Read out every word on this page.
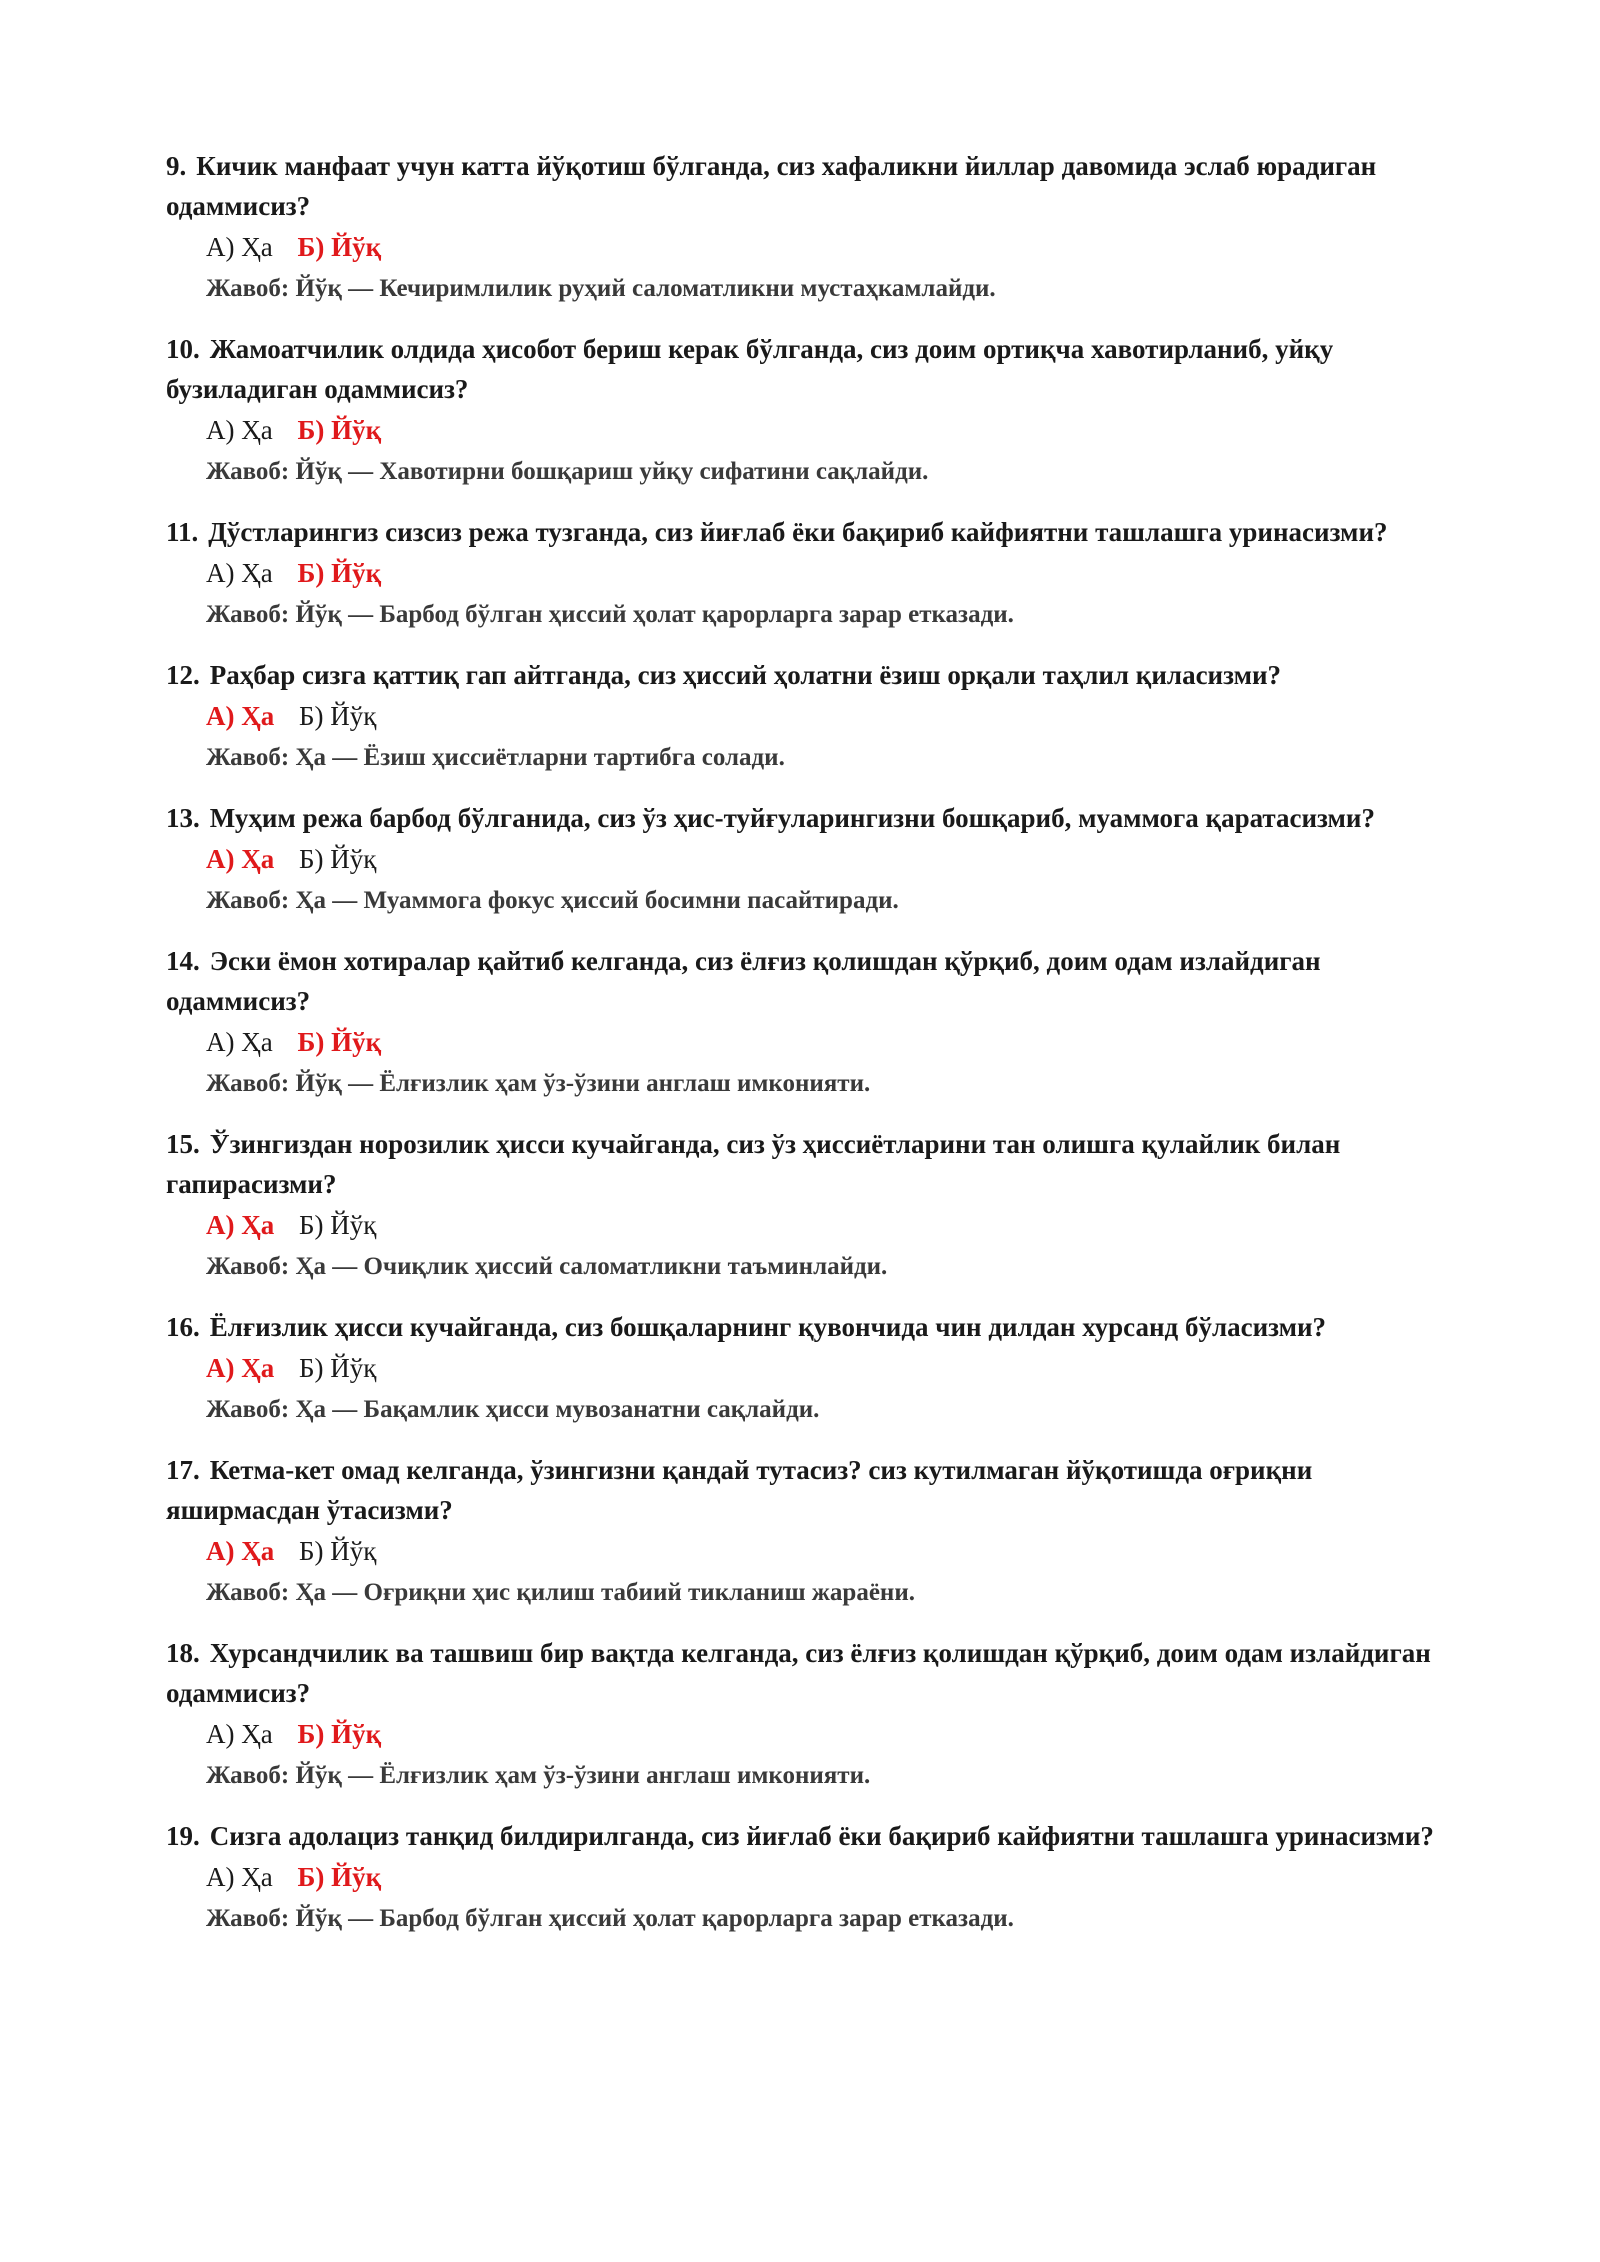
9. Кичик манфаат учун катта йўқотиш бўлганда, сиз хафаликни йиллар давомида эслаб юрадиган одаммисиз?

А) Ҳа Б) Йўқ

Жавоб: Йўқ — Кечиримлилик руҳий саломатликни мустаҳкамлайди.

10. Жамоатчилик олдида ҳисобот бериш керак бўлганда, сиз доим ортиқча хавотирланиб, уйқу бузиладиган одаммисиз?

А) Ҳа Б) Йўқ

Жавоб: Йўқ — Хавотирни бошқариш уйқу сифатини сақлайди.

11. Дўстларингиз сизсиз режа тузганда, сиз йиғлаб ёки бақириб кайфиятни ташлашга уринасизми?

А) Ҳа Б) Йўқ

Жавоб: Йўқ — Барбод бўлган ҳиссий ҳолат қарорларга зарар етказади.

12. Раҳбар сизга қаттиқ гап айтганда, сиз ҳиссий ҳолатни ёзиш орқали таҳлил қиласизми?

А) Ҳа Б) Йўқ

Жавоб: Ҳа — Ёзиш ҳиссиётларни тартибга солади.

13. Муҳим режа барбод бўлганида, сиз ўз ҳис-туйғуларингизни бошқариб, муаммога қаратасизми?

А) Ҳа Б) Йўқ

Жавоб: Ҳа — Муаммога фокус ҳиссий босимни пасайтиради.

14. Эски ёмон хотиралар қайтиб келганда, сиз ёлғиз қолишдан қўрқиб, доим одам излайдиган одаммисиз?

А) Ҳа Б) Йўқ

Жавоб: Йўқ — Ёлғизлик ҳам ўз-ўзини англаш имконияти.

15. Ўзингиздан норозилик ҳисси кучайганда, сиз ўз ҳиссиётларини тан олишга қулайлик билан гапирасизми?

А) Ҳа Б) Йўқ

Жавоб: Ҳа — Очиқлик ҳиссий саломатликни таъминлайди.

16. Ёлғизлик ҳисси кучайганда, сиз бошқаларнинг қувончида чин дилдан хурсанд бўласизми?

А) Ҳа Б) Йўқ

Жавоб: Ҳа — Бақамлик ҳисси мувозанатни сақлайди.

17. Кетма-кет омад келганда, ўзингизни қандай тутасиз? сиз кутилмаган йўқотишда оғриқни яширмасдан ўтасизми?

А) Ҳа Б) Йўқ

Жавоб: Ҳа — Оғриқни ҳис қилиш табиий тикланиш жараёни.

18. Хурсандчилик ва ташвиш бир вақтда келганда, сиз ёлғиз қолишдан қўрқиб, доим одам излайдиган одаммисиз?

А) Ҳа Б) Йўқ

Жавоб: Йўқ — Ёлғизлик ҳам ўз-ўзини англаш имконияти.

19. Сизга адолациз танқид билдирилганда, сиз йиғлаб ёки бақириб кайфиятни ташлашга уринасизми?

А) Ҳа Б) Йўқ

Жавоб: Йўқ — Барбод бўлган ҳиссий ҳолат қарорларга зарар етказади.
